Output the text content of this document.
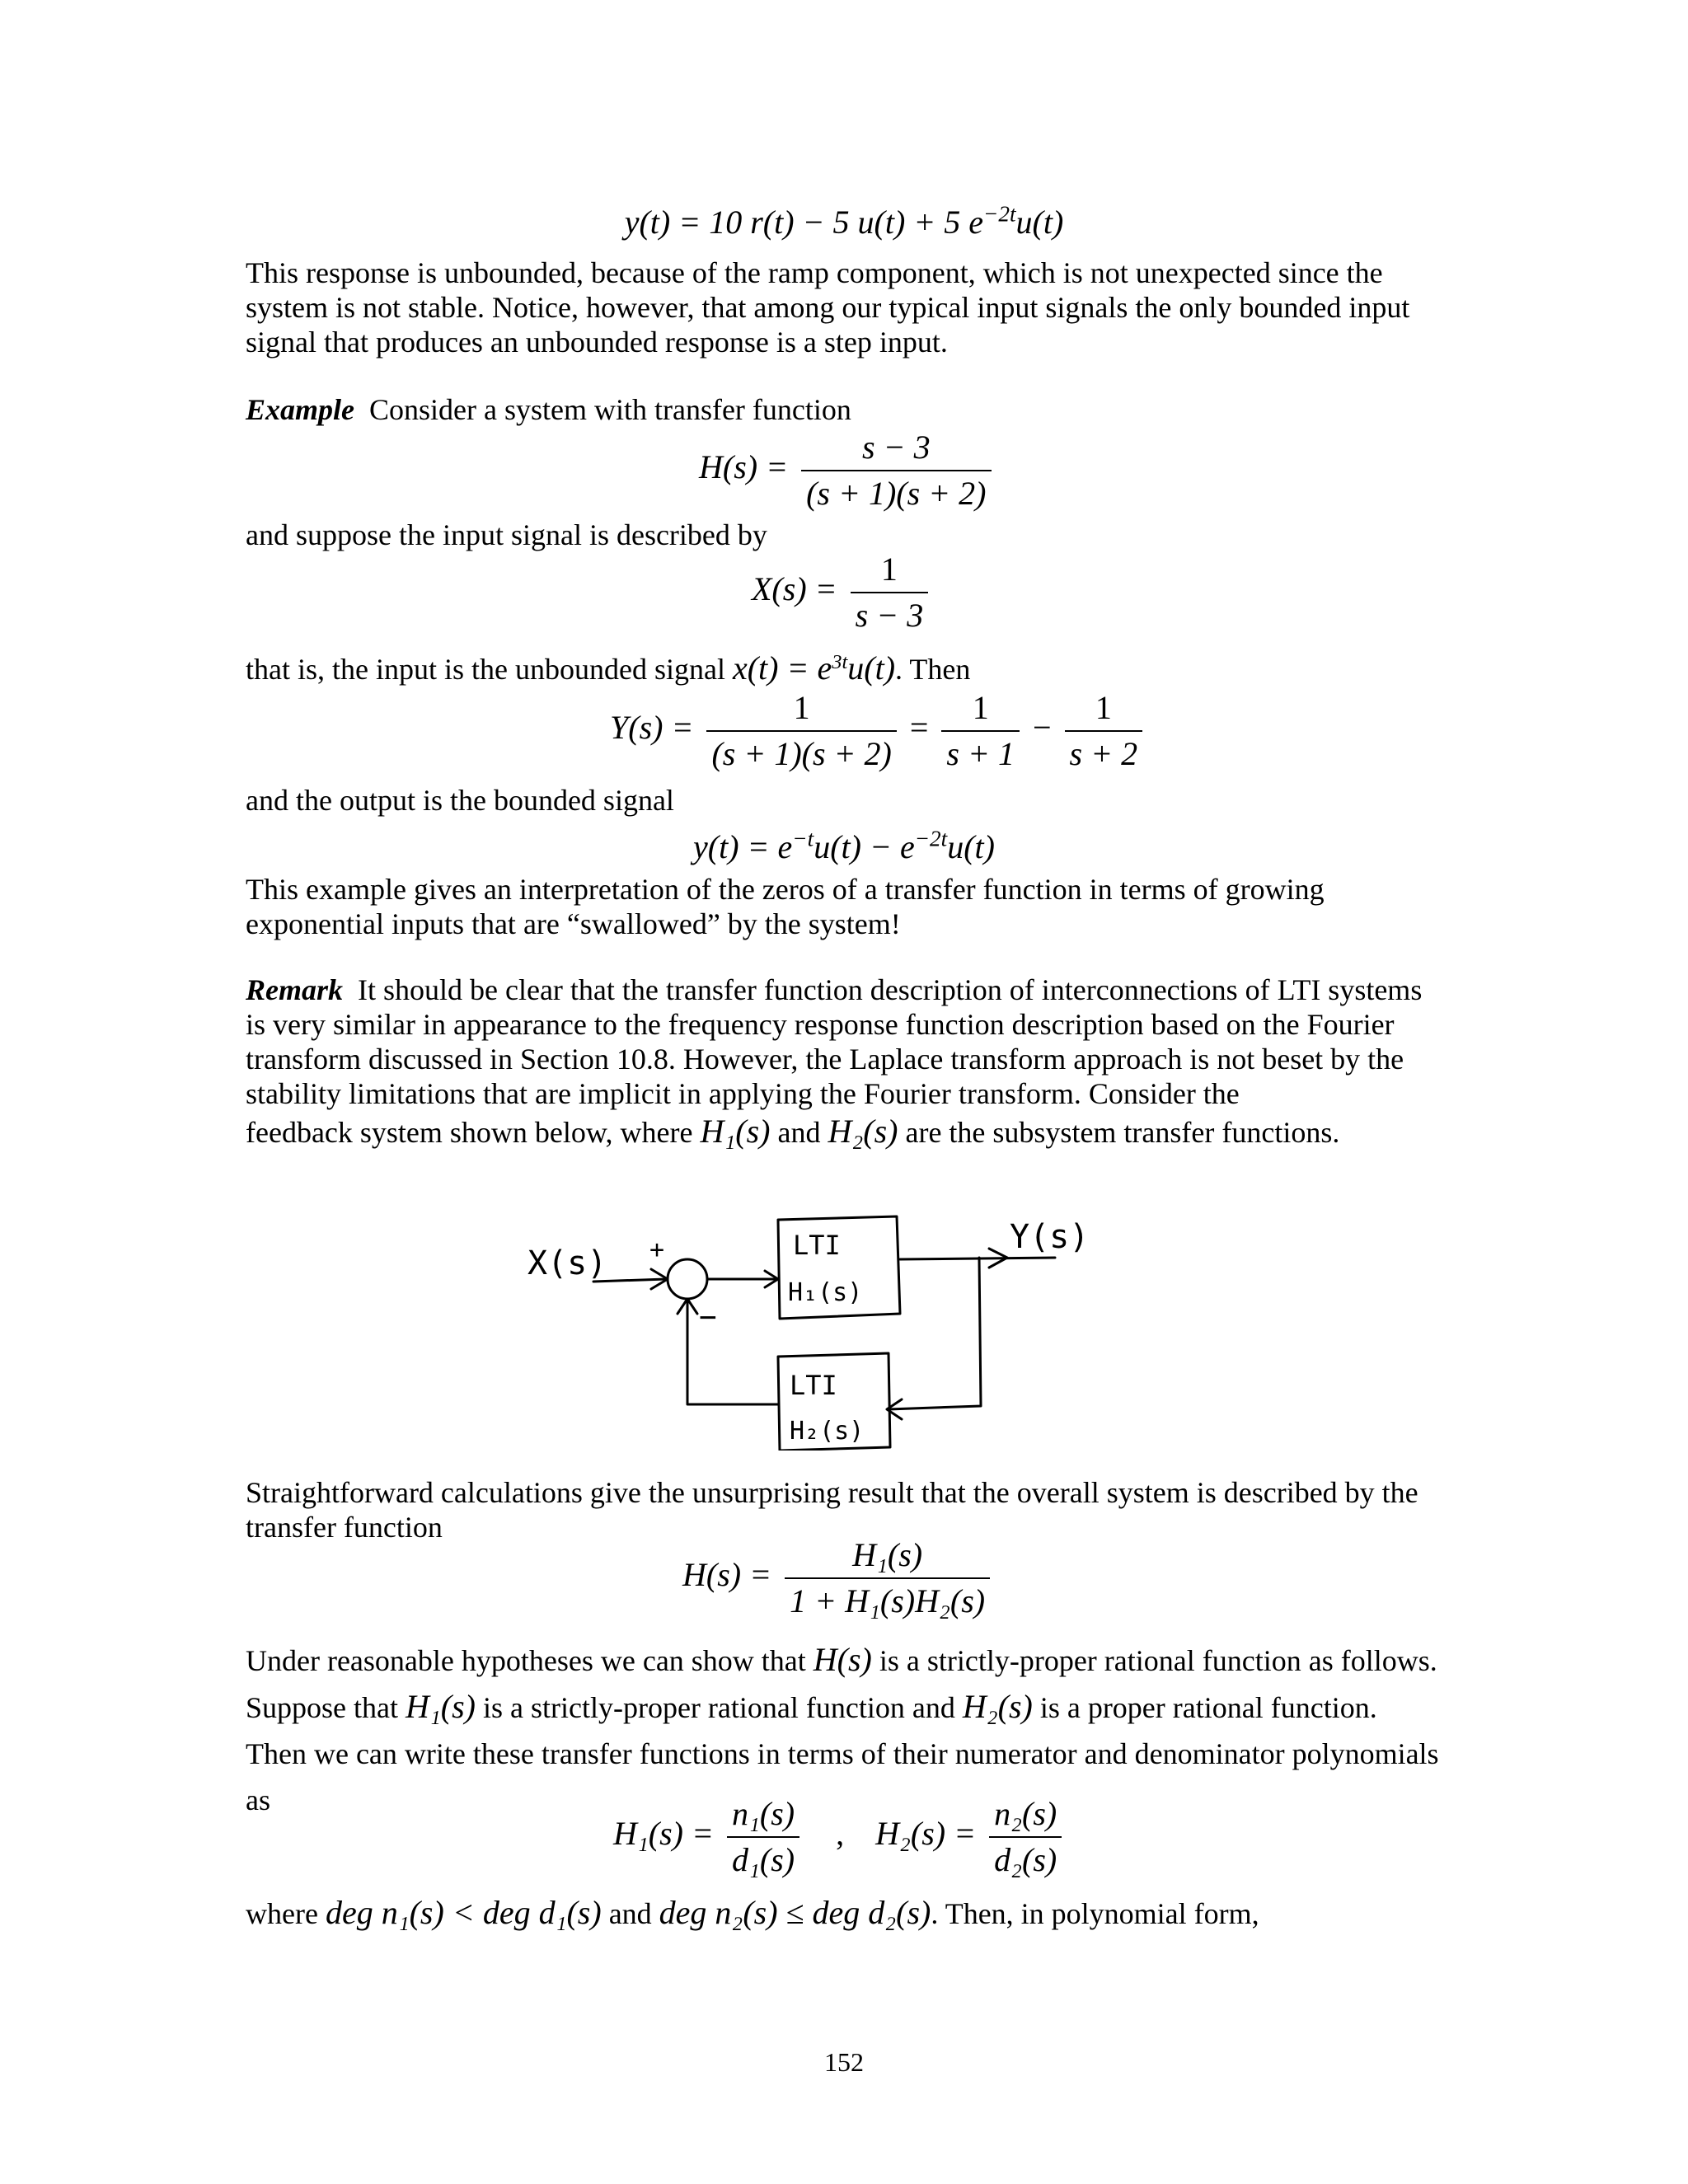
y(t) = 10 r(t) − 5 u(t) + 5 $e^{-2t}u(t)$

This response is unbounded, because of the ramp component, which is not unexpected since the system is not stable. Notice, however, that among our typical input signals the only bounded input signal that produces an unbounded response is a step input.

Example Consider a system with transfer function

$H(s) = \frac{s - 3}{(s + 1)(s + 2)}$

and suppose the input signal is described by

$X(s) = \frac{1}{s - 3}$

that is, the input is the unbounded signal $x(t) = e^{3t}u(t)$. Then

$Y(s) = \frac{1}{(s + 1)(s + 2)} = \frac{1}{s + 1} - \frac{1}{s + 2}$

and the output is the bounded signal

$y(t) = e^{-t}u(t) - e^{-2t}u(t)$

This example gives an interpretation of the zeros of a transfer function in terms of growing exponential inputs that are “swallowed” by the system!

Remark It should be clear that the transfer function description of interconnections of LTI systems is very similar in appearance to the frequency response function description based on the Fourier transform discussed in Section 10.8. However, the Laplace transform approach is not beset by the stability limitations that are implicit in applying the Fourier transform. Consider the

feedback system shown below, where H₁(s) and H₂(s) are the subsystem transfer functions.

X(s) +
−
LTI
H₁(s)
Y(s)
LTI
H₂(s)

Straightforward calculations give the unsurprising result that the overall system is described by the transfer function

$H(s) = \frac{\text{H₁(s)}}{\text{1 + H₁(s)H₂(s)}}$

Under reasonable hypotheses we can show that H(s) is a strictly-proper rational function as follows. Suppose that H₁(s) is a strictly-proper rational function and H₂(s) is a proper rational function. Then we can write these transfer functions in terms of their numerator and denominator polynomials as

$H_1(s) = \frac{\text{n₁(s)}}{\text{d₁(s)}}$ , $H_2(s) = \frac{\text{n₂(s)}}{\text{d₂(s)}}$

where deg n₁(s) < deg d₁(s) and deg n₂(s) ≤ deg d₂(s). Then, in polynomial form,

152
